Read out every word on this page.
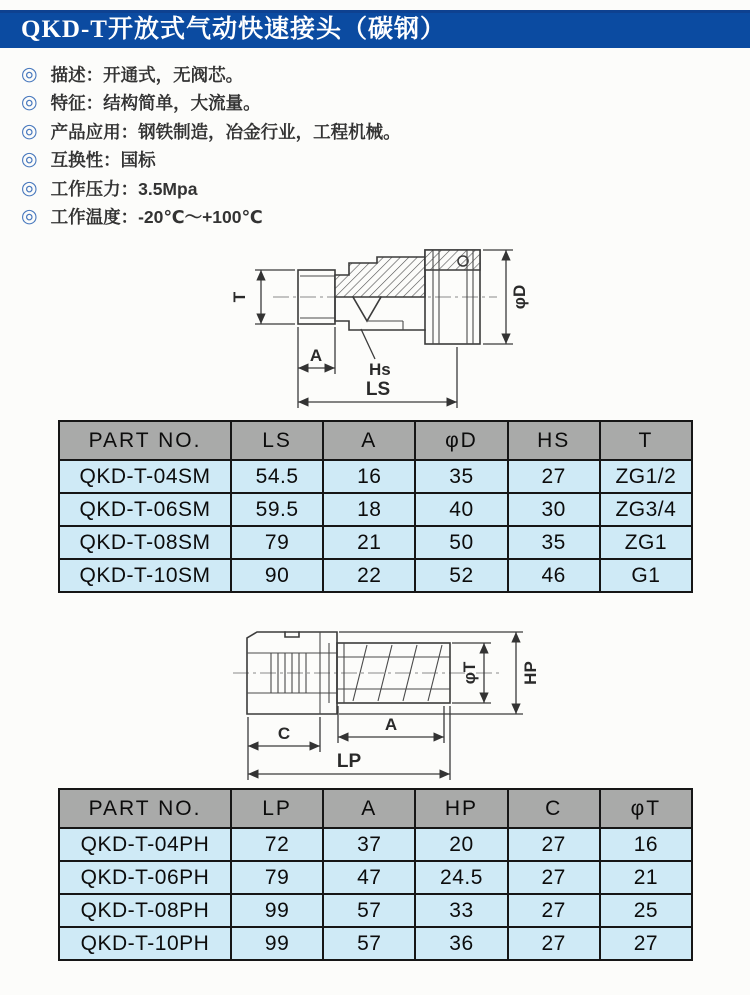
QKD-T开放式气动快速接头（碳钢）
◎ 描述：开通式，无阀芯。
◎ 特征：结构简单，大流量。
◎ 产品应用：钢铁制造，冶金行业，工程机械。
◎ 互换性：国标
◎ 工作压力：3.5Mpa
◎ 工作温度：-20℃～+100℃
T	φD
A
Hs
LS
PART NO.	LS	A	φD	HS	T
QKD-T-04SM	54.5	16	35	27	ZG1/2
QKD-T-06SM	59.5	18	40	30	ZG3/4
QKD-T-08SM	79	21	50	35	ZG1
QKD-T-10SM	90	22	52	46	G1
HP
φT
C	A
LP
PART NO.	LP	A	HP	C	φT
QKD-T-04PH	72	37	20	27	16
QKD-T-06PH	79	47	24.5	27	21
QKD-T-08PH	99	57	33	27	25
QKD-T-10PH	99	57	36	27	27
